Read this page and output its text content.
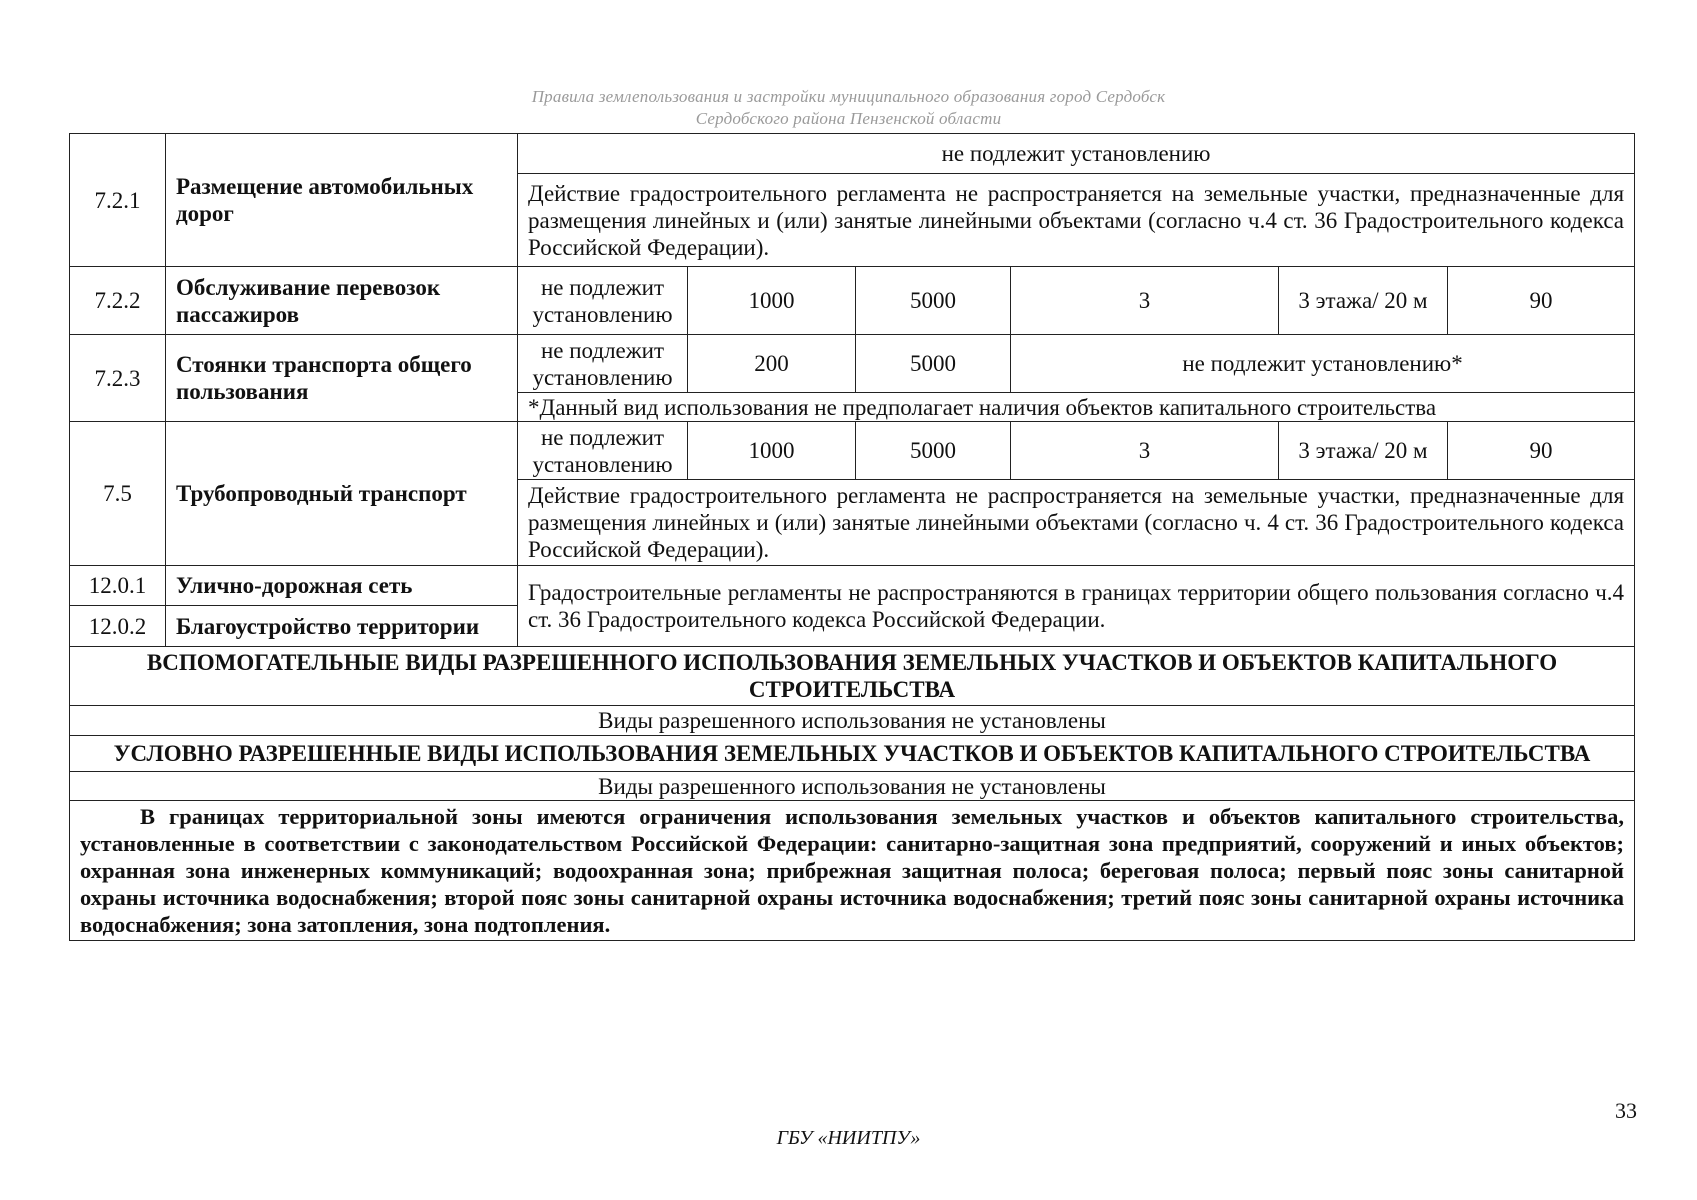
Правила землепользования и застройки муниципального образования город Сердобск
Сердобского района Пензенской области
7.2.1	Размещение автомобильных дорог	не подлежит установлению					
		Действие градостроительного регламента не распространяется на земельные участки, предназначенные для размещения линейных и (или) занятые линейными объектами (согласно ч.4 ст. 36 Градостроительного кодекса Российской Федерации).					
7.2.2	Обслуживание перевозок пассажиров	не подлежит установлению	1000	5000	3	3 этажа/ 20 м	90
7.2.3	Стоянки транспорта общего пользования	не подлежит установлению	200	5000	не подлежит установлению*		
		*Данный вид использования не предполагает наличия объектов капитального строительства					
7.5	Трубопроводный транспорт	не подлежит установлению	1000	5000	3	3 этажа/ 20 м	90
		Действие градостроительного регламента не распространяется на земельные участки, предназначенные для размещения линейных и (или) занятые линейными объектами (согласно ч. 4 ст. 36 Градостроительного кодекса Российской Федерации).					
12.0.1	Улично-дорожная сеть	Градостроительные регламенты не распространяются в границах территории общего пользования согласно ч.4 ст. 36 Градостроительного кодекса Российской Федерации.					
12.0.2	Благоустройство территории						
ВСПОМОГАТЕЛЬНЫЕ ВИДЫ РАЗРЕШЕННОГО ИСПОЛЬЗОВАНИЯ ЗЕМЕЛЬНЫХ УЧАСТКОВ И ОБЪЕКТОВ КАПИТАЛЬНОГО СТРОИТЕЛЬСТВА							
Виды разрешенного использования не установлены							
УСЛОВНО РАЗРЕШЕННЫЕ ВИДЫ ИСПОЛЬЗОВАНИЯ ЗЕМЕЛЬНЫХ УЧАСТКОВ И ОБЪЕКТОВ КАПИТАЛЬНОГО СТРОИТЕЛЬСТВА							
Виды разрешенного использования не установлены							
В границах территориальной зоны имеются ограничения использования земельных участков и объектов капитального строительства, установленные в соответствии с законодательством Российской Федерации: санитарно-защитная зона предприятий, сооружений и иных объектов; охранная зона инженерных коммуникаций; водоохранная зона; прибрежная защитная полоса; береговая полоса; первый пояс зоны санитарной охраны источника водоснабжения; второй пояс зоны санитарной охраны источника водоснабжения; третий пояс зоны санитарной охраны источника водоснабжения; зона затопления, зона подтопления.							
33
ГБУ «НИИТПУ»
